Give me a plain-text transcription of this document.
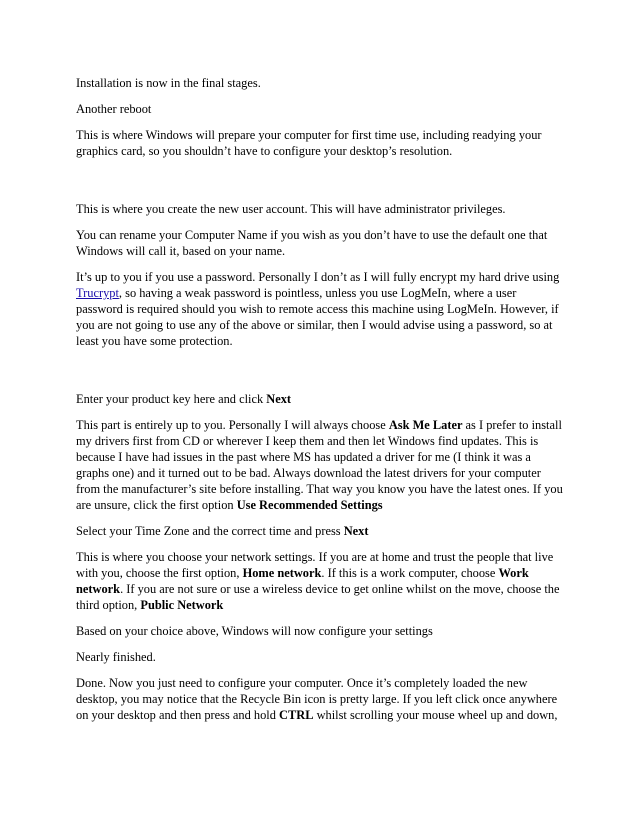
Installation is now in the final stages.

Another reboot

This is where Windows will prepare your computer for first time use, including readying your graphics card, so you shouldn’t have to configure your desktop’s resolution.

This is where you create the new user account. This will have administrator privileges.

You can rename your Computer Name if you wish as you don’t have to use the default one that Windows will call it, based on your name.

It’s up to you if you use a password. Personally I don’t as I will fully encrypt my hard drive using Trucrypt, so having a weak password is pointless, unless you use LogMeIn, where a user password is required should you wish to remote access this machine using LogMeIn. However, if you are not going to use any of the above or similar, then I would advise using a password, so at least you have some protection.

Enter your product key here and click Next

This part is entirely up to you. Personally I will always choose Ask Me Later as I prefer to install my drivers first from CD or wherever I keep them and then let Windows find updates. This is because I have had issues in the past where MS has updated a driver for me (I think it was a graphs one) and it turned out to be bad. Always download the latest drivers for your computer from the manufacturer’s site before installing. That way you know you have the latest ones. If you are unsure, click the first option Use Recommended Settings

Select your Time Zone and the correct time and press Next

This is where you choose your network settings. If you are at home and trust the people that live with you, choose the first option, Home network. If this is a work computer, choose Work network. If you are not sure or use a wireless device to get online whilst on the move, choose the third option, Public Network

Based on your choice above, Windows will now configure your settings

Nearly finished.

Done. Now you just need to configure your computer. Once it’s completely loaded the new desktop, you may notice that the Recycle Bin icon is pretty large. If you left click once anywhere on your desktop and then press and hold CTRL whilst scrolling your mouse wheel up and down,
